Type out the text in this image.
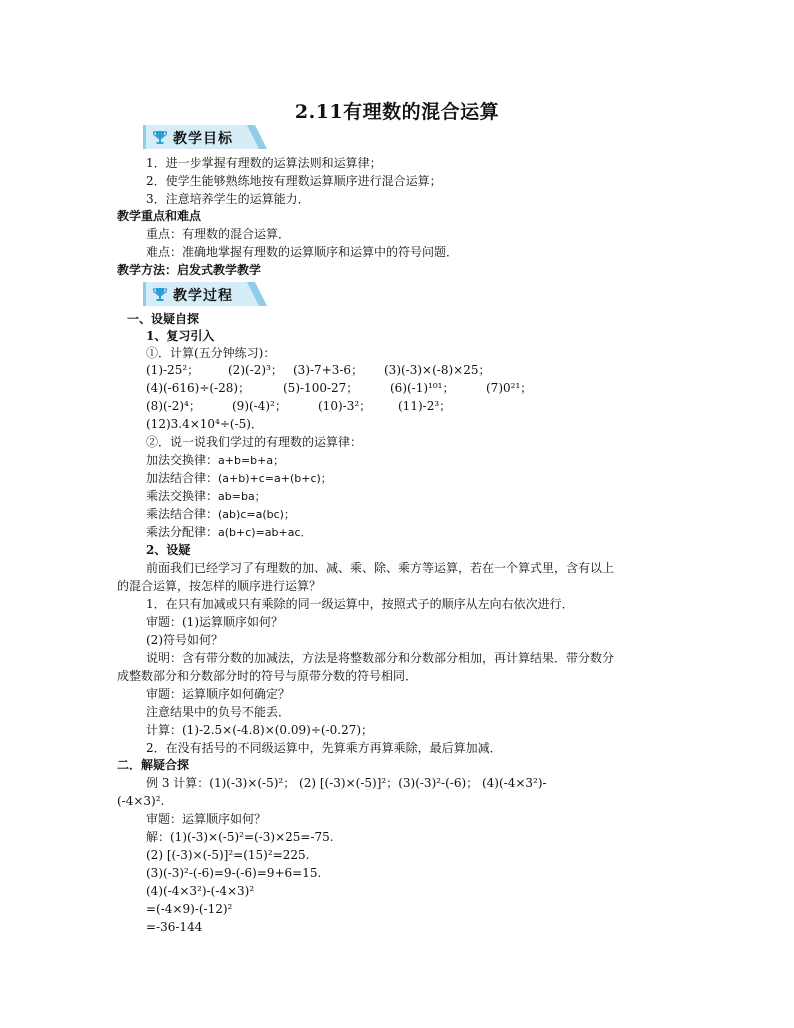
2.11有理数的混合运算
教学目标
1．进一步掌握有理数的运算法则和运算律；
2．使学生能够熟练地按有理数运算顺序进行混合运算；
3．注意培养学生的运算能力．
教学重点和难点
重点：有理数的混合运算．
难点：准确地掌握有理数的运算顺序和运算中的符号问题．
教学方法：启发式教学教学
教学过程
一、设疑自探
1、复习引入
①．计算(五分钟练习)：
(1)-25²； (2)(-2)³； (3)-7+3-6； (3)(-3)×(-8)×25；
(4)(-616)÷(-28)；	(5)-100-27；	(6)(-1)¹⁰¹；	(7)0²¹；
(8)(-2)⁴；	(9)(-4)²；	(10)-3²； (11)-2³；
(12)3.4×10⁴÷(-5)．
②．说一说我们学过的有理数的运算律：
加法交换律：a+b=b+a；
加法结合律：(a+b)+c=a+(b+c)；
乘法交换律：ab=ba；
乘法结合律：(ab)c=a(bc)；
乘法分配律：a(b+c)=ab+ac．
2、设疑
前面我们已经学习了有理数的加、减、乘、除、乘方等运算，若在一个算式里，含有以上
的混合运算，按怎样的顺序进行运算？
1．在只有加减或只有乘除的同一级运算中，按照式子的顺序从左向右依次进行．
审题：(1)运算顺序如何？
(2)符号如何？
说明：含有带分数的加减法，方法是将整数部分和分数部分相加，再计算结果．带分数分
成整数部分和分数部分时的符号与原带分数的符号相同．
审题：运算顺序如何确定？
注意结果中的负号不能丢．
计算：(1)-2.5×(-4.8)×(0.09)÷(-0.27)；
2．在没有括号的不同级运算中，先算乘方再算乘除，最后算加减．
二．解疑合探
例 3 计算：(1)(-3)×(-5)²； (2) [(-3)×(-5)]²；(3)(-3)²-(-6)； (4)(-4×3²)-
(-4×3)².
审题：运算顺序如何？
解：(1)(-3)×(-5)²=(-3)×25=-75.
(2) [(-3)×(-5)]²=(15)²=225.
(3)(-3)²-(-6)=9-(-6)=9+6=15.
(4)(-4×3²)-(-4×3)²
=(-4×9)-(-12)²
=-36-144
